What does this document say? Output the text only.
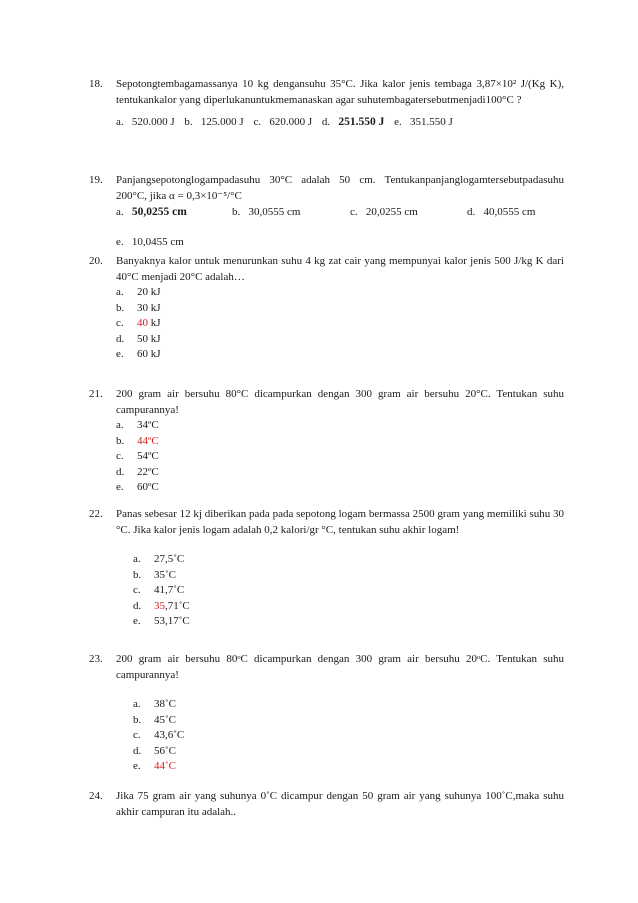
18.	Sepotongtembagamassanya 10 kg dengansuhu 35°C. Jika kalor jenis tembaga 3,87×10² J/(Kg K), tentukankalor yang diperlukanuntukmemanaskan agar suhutembagatersebutmenjadi100°C ?
a. 520.000 J b. 125.000 J c. 620.000 J d. 251.550 J e. 351.550 J
19.	Panjangsepotonglogampadasuhu 30°C adalah 50 cm. Tentukanpanjanglogamtersebutpadasuhu 200°C, jika α = 0,3×10⁻⁵/°C
a. 50,0255 cm	b. 30,0555 cm	c. 20,0255 cm	d. 40,0555 cm
e.
10,0455 cm
20.	Banyaknya kalor untuk menurunkan suhu 4 kg zat cair yang mempunyai kalor jenis 500 J/kg K dari 40°C menjadi 20°C adalah…
a.	20 kJ
b.	30 kJ
c.	40 kJ
d.	50 kJ
e.	60 kJ
21.	200 gram air bersuhu 80°C dicampurkan dengan 300 gram air bersuhu 20°C. Tentukan suhu campurannya!
a.	34ºC
b.	44ºC
c.	54ºC
d.	22ºC
e.	60ºC
22.	Panas sebesar 12 kj diberikan pada pada sepotong logam bermassa 2500 gram yang memiliki suhu 30 °C. Jika kalor jenis logam adalah 0,2 kalori/gr °C, tentukan suhu akhir logam!
a.	27,5˚C
b.	35˚C
c.	41,7˚C
d.	35,71˚C
e.	53,17˚C
23.	200 gram air bersuhu 80ᵒC dicampurkan dengan 300 gram air bersuhu 20ᵒC. Tentukan suhu campurannya!
a.	38˚C
b.	45˚C
c.	43,6˚C
d.	56˚C
e.	44˚C
24.	Jika 75 gram air yang suhunya 0˚C dicampur dengan 50 gram air yang suhunya 100˚C,maka suhu akhir campuran itu adalah..
